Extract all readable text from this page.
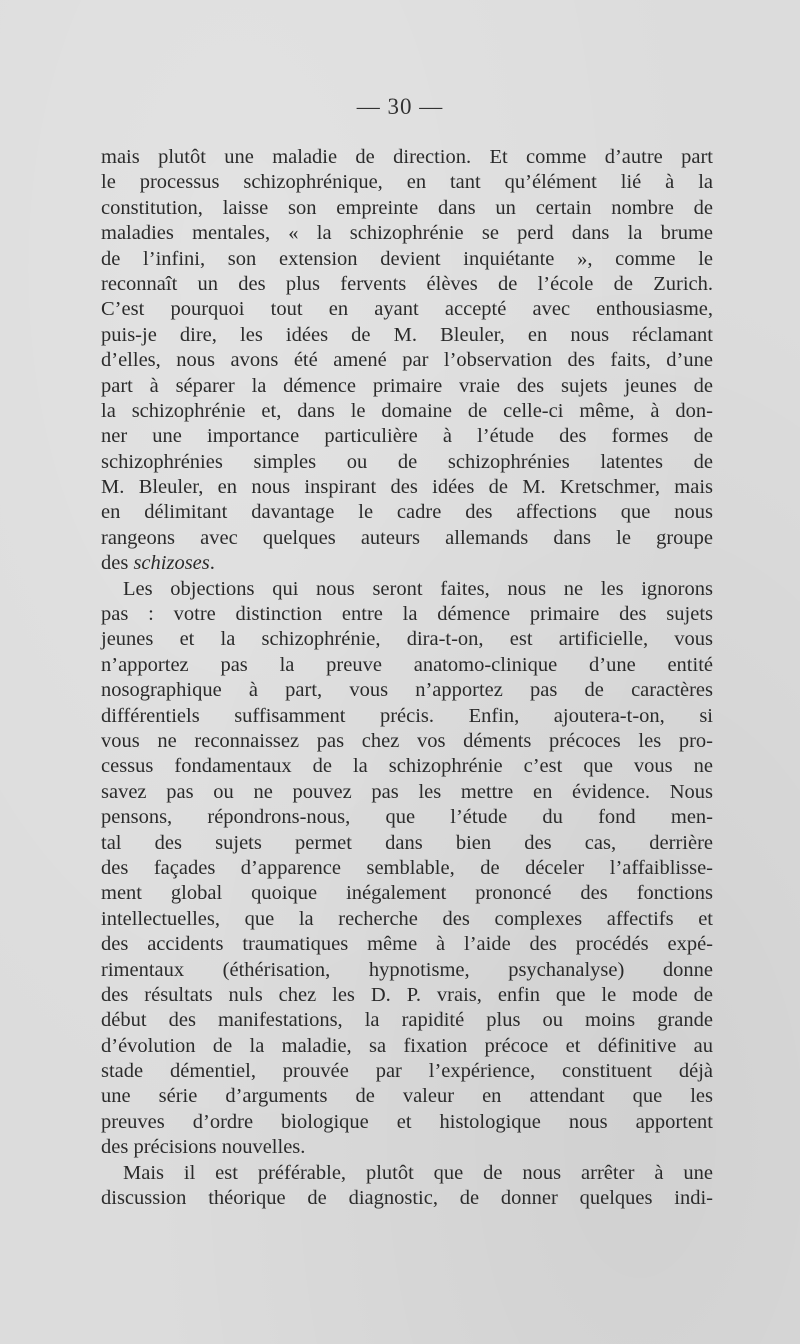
— 30 —
mais plutôt une maladie de direction. Et comme d’autre part
le processus schizophrénique, en tant qu’élément lié à la
constitution, laisse son empreinte dans un certain nombre de
maladies mentales, « la schizophrénie se perd dans la brume
de l’infini, son extension devient inquiétante », comme le
reconnaît un des plus fervents élèves de l’école de Zurich.
C’est pourquoi tout en ayant accepté avec enthousiasme,
puis-je dire, les idées de M. Bleuler, en nous réclamant
d’elles, nous avons été amené par l’observation des faits, d’une
part à séparer la démence primaire vraie des sujets jeunes de
la schizophrénie et, dans le domaine de celle-ci même, à don-
ner une importance particulière à l’étude des formes de
schizophrénies simples ou de schizophrénies latentes de
M. Bleuler, en nous inspirant des idées de M. Kretschmer, mais
en délimitant davantage le cadre des affections que nous
rangeons avec quelques auteurs allemands dans le groupe
des schizoses.
Les objections qui nous seront faites, nous ne les ignorons
pas : votre distinction entre la démence primaire des sujets
jeunes et la schizophrénie, dira-t-on, est artificielle, vous
n’apportez pas la preuve anatomo-clinique d’une entité
nosographique à part, vous n’apportez pas de caractères
différentiels suffisamment précis. Enfin, ajoutera-t-on, si
vous ne reconnaissez pas chez vos déments précoces les pro-
cessus fondamentaux de la schizophrénie c’est que vous ne
savez pas ou ne pouvez pas les mettre en évidence. Nous
pensons, répondrons-nous, que l’étude du fond men-
tal des sujets permet dans bien des cas, derrière
des façades d’apparence semblable, de déceler l’affaiblisse-
ment global quoique inégalement prononcé des fonctions
intellectuelles, que la recherche des complexes affectifs et
des accidents traumatiques même à l’aide des procédés expé-
rimentaux (éthérisation, hypnotisme, psychanalyse) donne
des résultats nuls chez les D. P. vrais, enfin que le mode de
début des manifestations, la rapidité plus ou moins grande
d’évolution de la maladie, sa fixation précoce et définitive au
stade démentiel, prouvée par l’expérience, constituent déjà
une série d’arguments de valeur en attendant que les
preuves d’ordre biologique et histologique nous apportent
des précisions nouvelles.
Mais il est préférable, plutôt que de nous arrêter à une
discussion théorique de diagnostic, de donner quelques indi-
